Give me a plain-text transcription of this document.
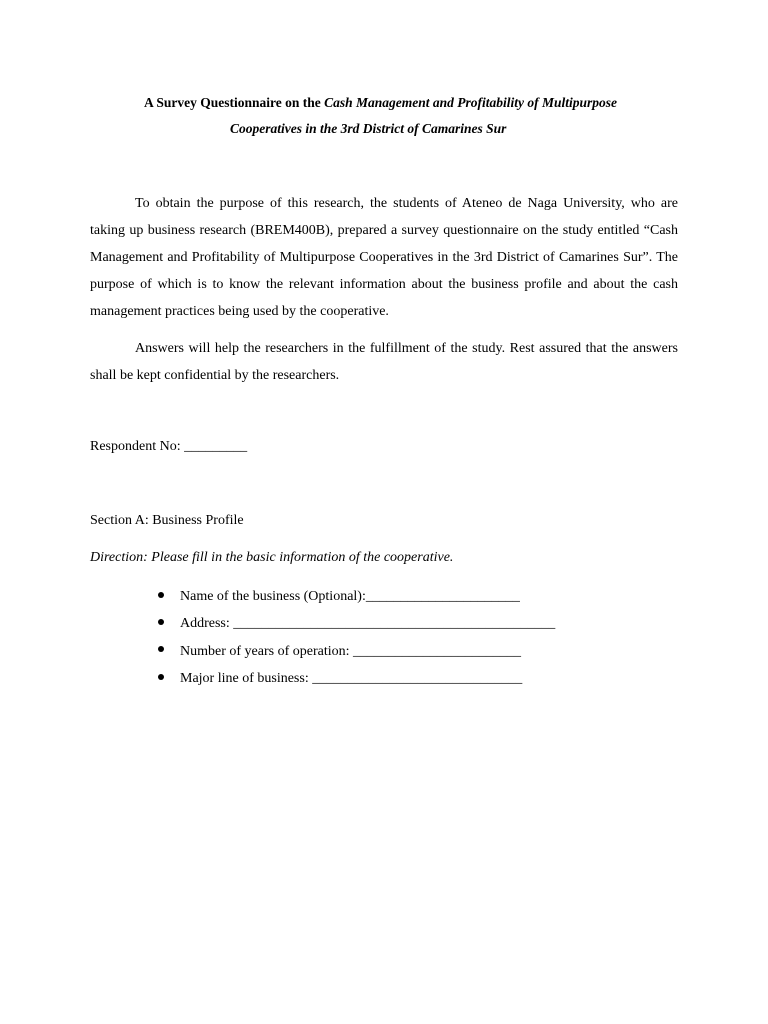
A Survey Questionnaire on the Cash Management and Profitability of Multipurpose
Cooperatives in the 3rd District of Camarines Sur

To obtain the purpose of this research, the students of Ateneo de Naga University, who are taking up business research (BREM400B), prepared a survey questionnaire on the study entitled “Cash Management and Profitability of Multipurpose Cooperatives in the 3rd District of Camarines Sur”. The purpose of which is to know the relevant information about the business profile and about the cash management practices being used by the cooperative.

Answers will help the researchers in the fulfillment of the study. Rest assured that the answers shall be kept confidential by the researchers.

Respondent No: _________
Section A: Business Profile
Direction: Please fill in the basic information of the cooperative.
Name of the business (Optional):______________________
Address: ______________________________________________
Number of years of operation: ________________________
Major line of business: ______________________________
